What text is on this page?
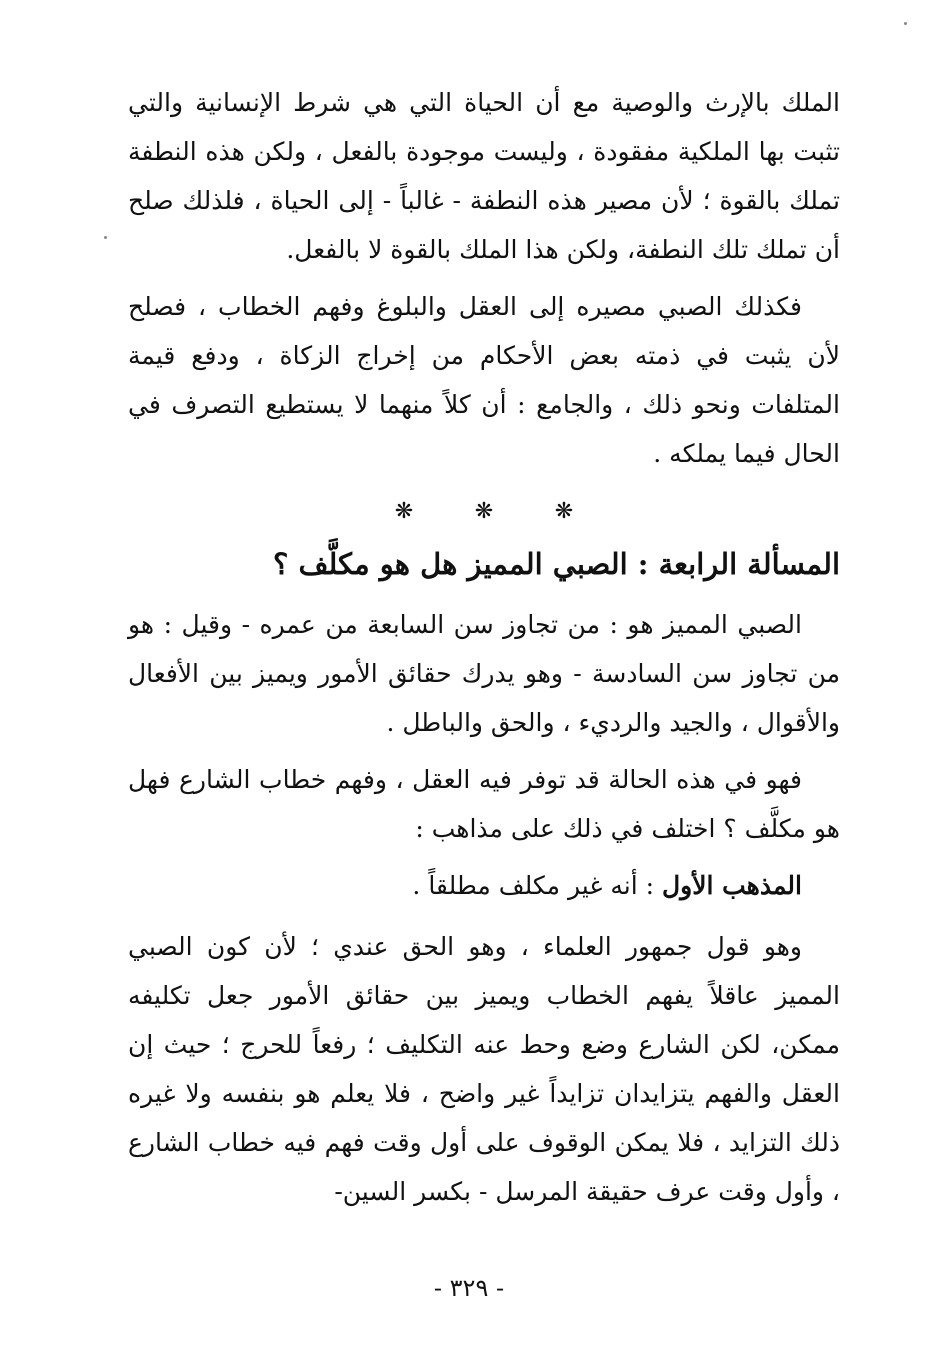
الملك بالإرث والوصية مع أن الحياة التي هي شرط الإنسانية والتي تثبت بها الملكية مفقودة ، وليست موجودة بالفعل ، ولكن هذه النطفة تملك بالقوة ؛ لأن مصير هذه النطفة - غالباً - إلى الحياة ، فلذلك صلح أن تملك تلك النطفة، ولكن هذا الملك بالقوة لا بالفعل.

فكذلك الصبي مصيره إلى العقل والبلوغ وفهم الخطاب ، فصلح لأن يثبت في ذمته بعض الأحكام من إخراج الزكاة ، ودفع قيمة المتلفات ونحو ذلك ، والجامع : أن كلاً منهما لا يستطيع التصرف في الحال فيما يملكه .

❋	❋	❋
المسألة الرابعة : الصبي المميز هل هو مكلَّف ؟

الصبي المميز هو : من تجاوز سن السابعة من عمره - وقيل : هو من تجاوز سن السادسة - وهو يدرك حقائق الأمور ويميز بين الأفعال والأقوال ، والجيد والرديء ، والحق والباطل .

فهو في هذه الحالة قد توفر فيه العقل ، وفهم خطاب الشارع فهل هو مكلَّف ؟ اختلف في ذلك على مذاهب :

المذهب الأول : أنه غير مكلف مطلقاً .

وهو قول جمهور العلماء ، وهو الحق عندي ؛ لأن كون الصبي المميز عاقلاً يفهم الخطاب ويميز بين حقائق الأمور جعل تكليفه ممكن، لكن الشارع وضع وحط عنه التكليف ؛ رفعاً للحرج ؛ حيث إن العقل والفهم يتزايدان تزايداً غير واضح ، فلا يعلم هو بنفسه ولا غيره ذلك التزايد ، فلا يمكن الوقوف على أول وقت فهم فيه خطاب الشارع ، وأول وقت عرف حقيقة المرسل - بكسر السين-

- ٣٢٩ -
